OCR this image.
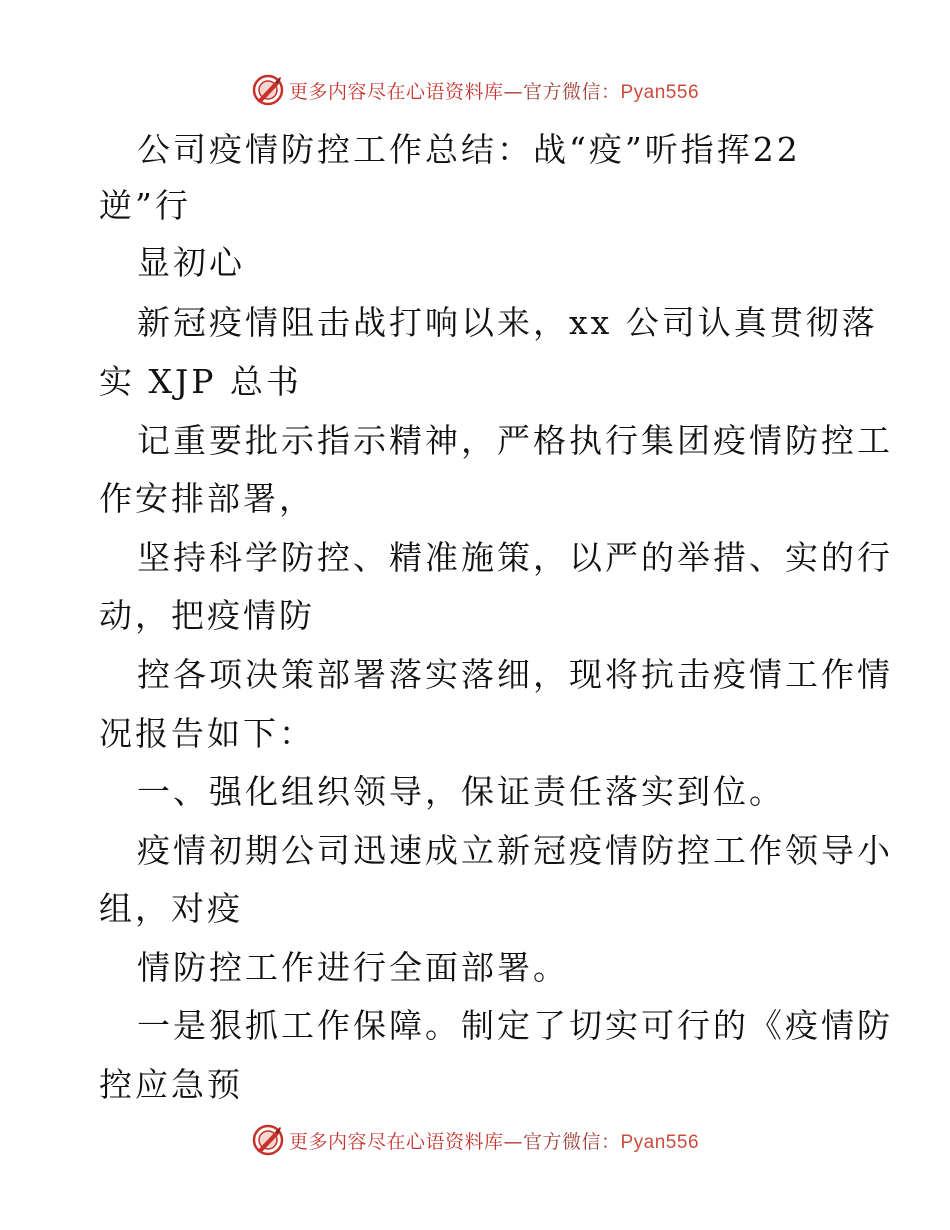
更多内容尽在心语资料库—官方微信：Pyan556
公司疫情防控工作总结：战“疫”听指挥22
逆”行
显初心
新冠疫情阻击战打响以来，xx 公司认真贯彻落
实 XJP 总书
记重要批示指示精神，严格执行集团疫情防控工
作安排部署，
坚持科学防控、精准施策，以严的举措、实的行
动，把疫情防
控各项决策部署落实落细，现将抗击疫情工作情
况报告如下：
一、强化组织领导，保证责任落实到位。
疫情初期公司迅速成立新冠疫情防控工作领导小
组，对疫
情防控工作进行全面部署。
一是狠抓工作保障。制定了切实可行的《疫情防
控应急预
更多内容尽在心语资料库—官方微信：Pyan556
